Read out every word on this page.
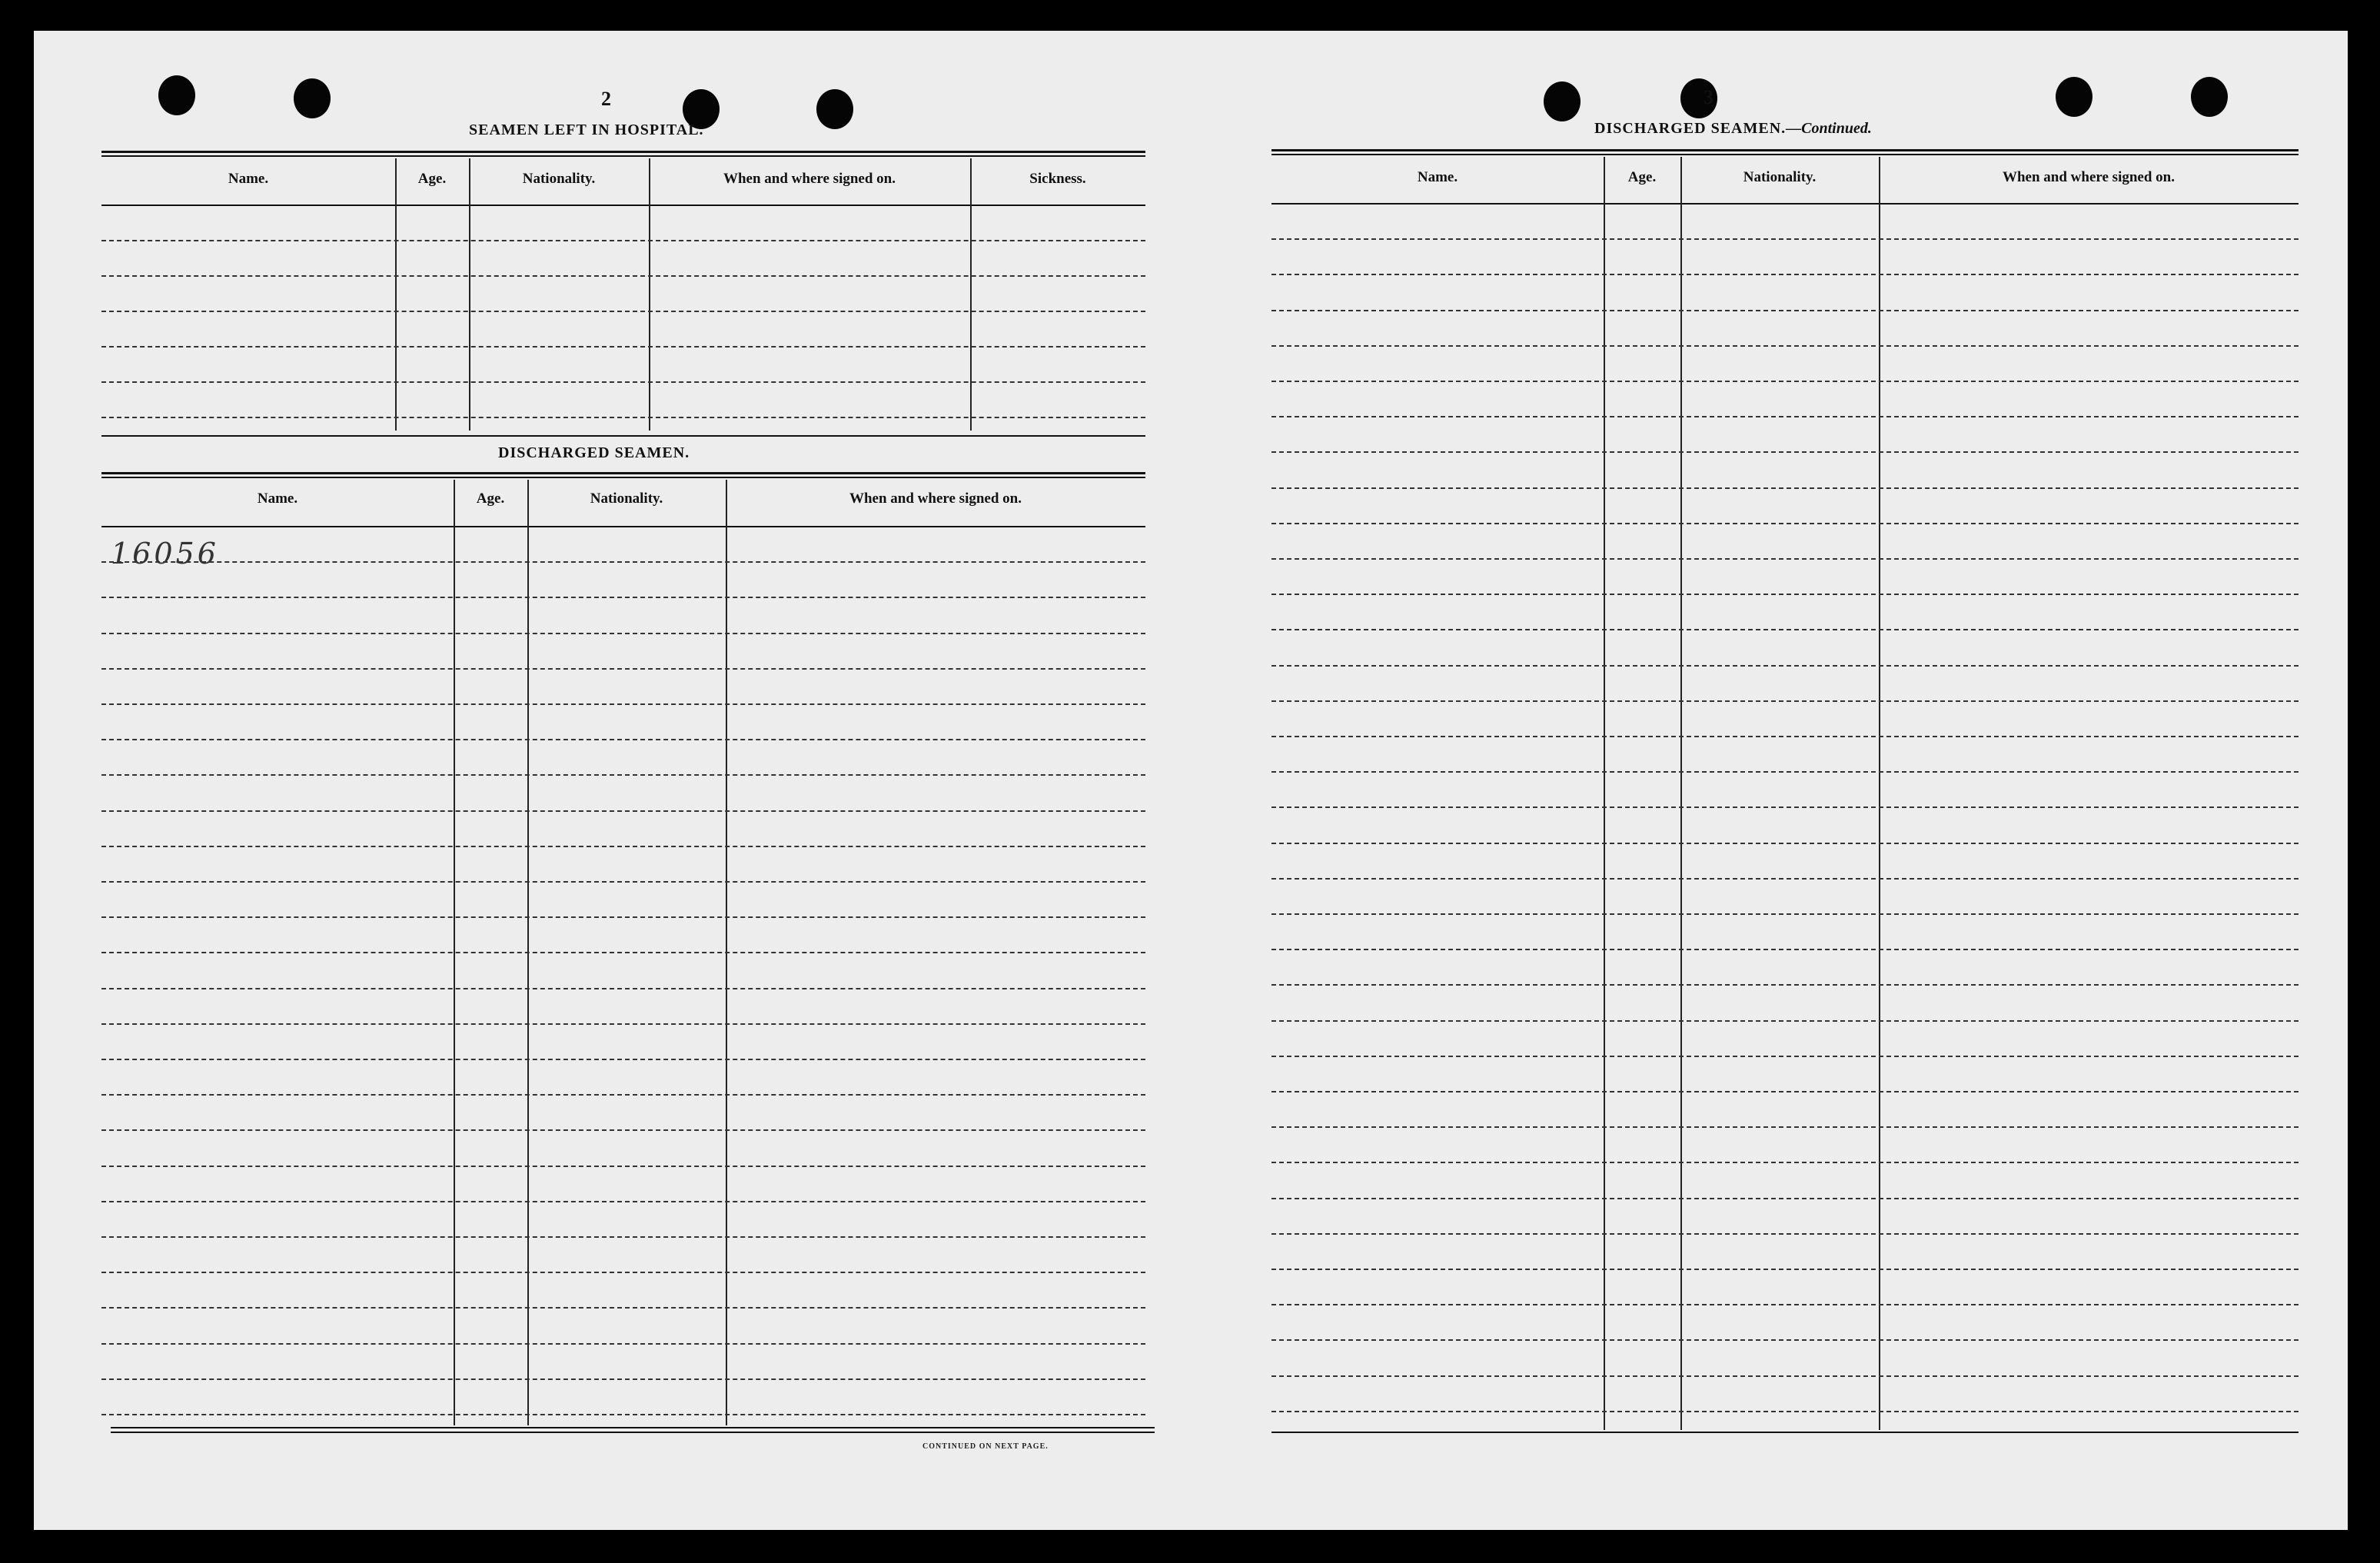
2
SEAMEN LEFT IN HOSPITAL.
Name.	Age.	Nationality.	When and where signed on.	Sickness.
DISCHARGED SEAMEN.
Name.	Age.	Nationality.	When and where signed on.
16056
CONTINUED ON NEXT PAGE.
3
DISCHARGED SEAMEN.—Continued.
Name.	Age.	Nationality.	When and where signed on.
